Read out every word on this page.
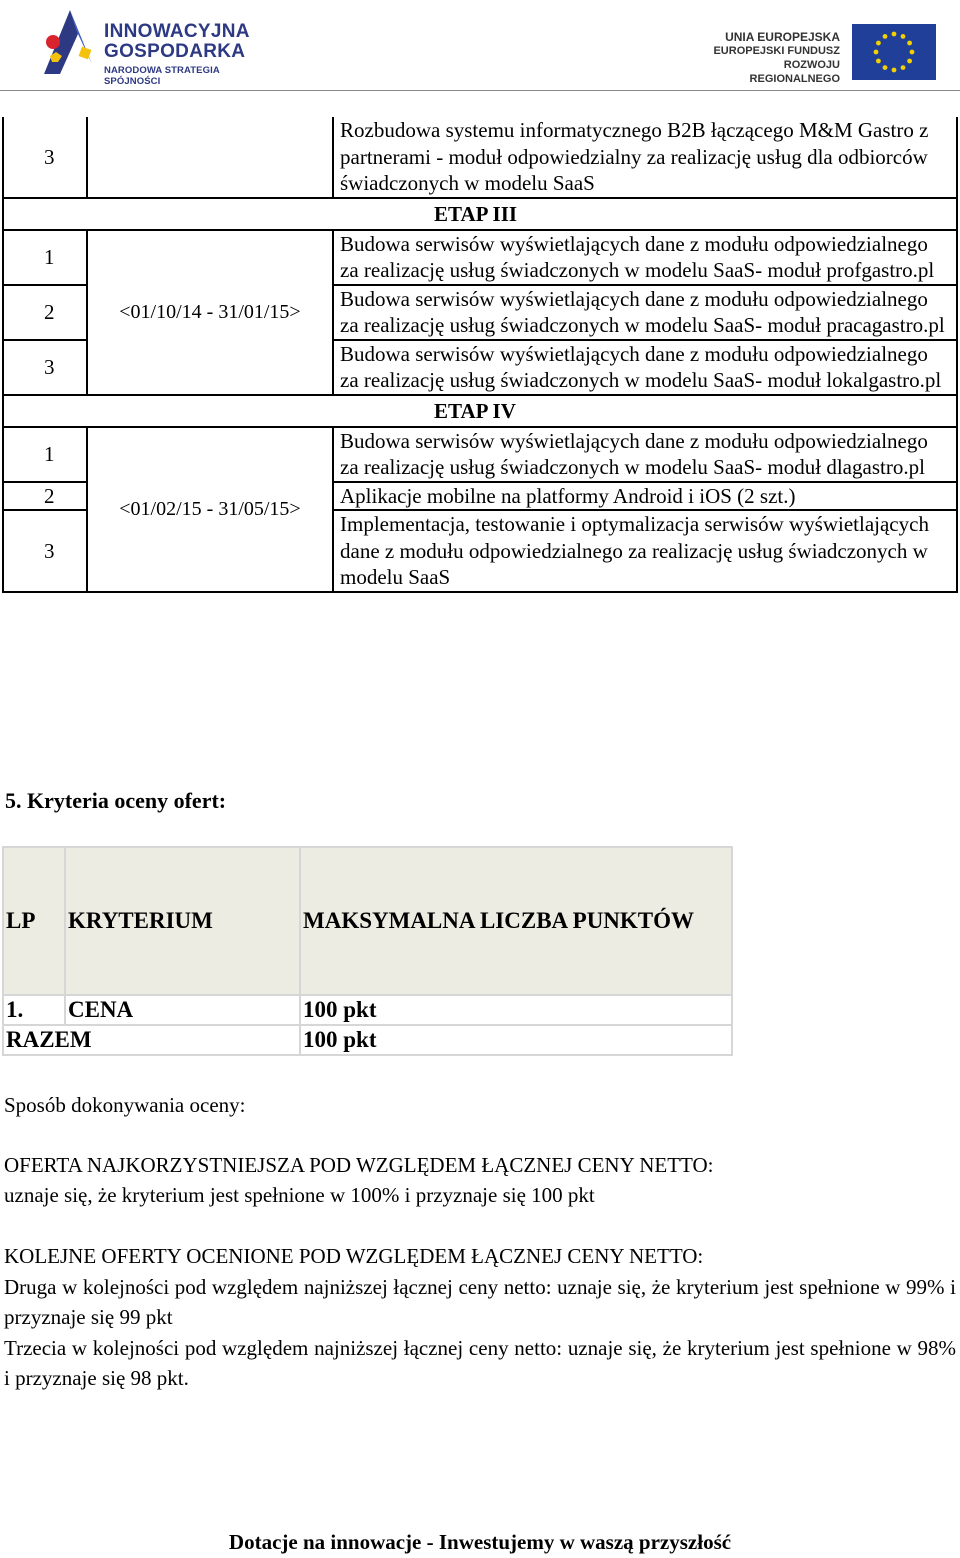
INNOWACYJNA
GOSPODARKA
NARODOWA STRATEGIA SPÓJNOŚCI
UNIA EUROPEJSKA
EUROPEJSKI FUNDUSZ
ROZWOJU REGIONALNEGO
3		Rozbudowa systemu informatycznego B2B łączącego M&M Gastro z partnerami - moduł odpowiedzialny za realizację usług dla odbiorców świadczonych w modelu SaaS
ETAP III		
1	<01/10/14 - 31/01/15>	Budowa serwisów wyświetlających dane z modułu odpowiedzialnego za realizację usług świadczonych w modelu SaaS- moduł profgastro.pl
2		Budowa serwisów wyświetlających dane z modułu odpowiedzialnego za realizację usług świadczonych w modelu SaaS- moduł pracagastro.pl
3		Budowa serwisów wyświetlających dane z modułu odpowiedzialnego za realizację usług świadczonych w modelu SaaS- moduł lokalgastro.pl
ETAP IV		
1	<01/02/15 - 31/05/15>	Budowa serwisów wyświetlających dane z modułu odpowiedzialnego za realizację usług świadczonych w modelu SaaS- moduł dlagastro.pl
2		Aplikacje mobilne na platformy Android i iOS (2 szt.)
3		Implementacja, testowanie i optymalizacja serwisów wyświetlających dane z modułu odpowiedzialnego za realizację usług świadczonych w modelu SaaS
5. Kryteria oceny ofert:
LP	KRYTERIUM	MAKSYMALNA LICZBA PUNKTÓW
1.	CENA	100 pkt
RAZEM		100 pkt
Sposób dokonywania oceny:
OFERTA NAJKORZYSTNIEJSZA POD WZGLĘDEM ŁĄCZNEJ CENY NETTO:
uznaje się, że kryterium jest spełnione w 100% i przyznaje się 100 pkt
KOLEJNE OFERTY OCENIONE POD WZGLĘDEM ŁĄCZNEJ CENY NETTO:
Druga w kolejności pod względem najniższej łącznej ceny netto: uznaje się, że kryterium jest spełnione w 99% i przyznaje się 99 pkt
Trzecia w kolejności pod względem najniższej łącznej ceny netto: uznaje się, że kryterium jest spełnione w 98% i przyznaje się 98 pkt.
Dotacje na innowacje - Inwestujemy w waszą przyszłość
